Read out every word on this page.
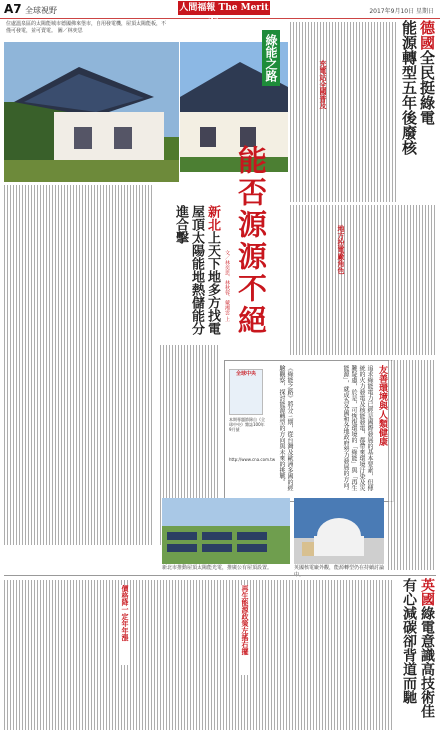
A7 全球視野	人間福報 The Merit Times
2017年9月10日 星期日
位處溫泉區的太陽能城市德國佛來堡市，自用發電機，屋頂太陽能板，不僅可發電，並可賣電。 圖／林奕思
綠能之路
能否源源不絕
文／林奕思、林秋蓉、戴湘雲 上
德國全民挺綠電
能源轉型五年後廢核
充電站全國普及
地方扮電廠角色
新北上天下地多方找電
屋頂太陽能地熱儲能分進合擊
友善環境與人類健康
追求綠能電力已經是國際發展的基本要素，但傳統的火力發電及核能發電，都帶來環境汙染及災難疑慮，於是，可恢復環境的「綠能」與「再生能源」，就成為各國和各地政府努力發展的方向。
《綠能之路》將分三期，從台灣及歐洲多國的經驗觀察，探討能源轉型的方向與未來的挑戰。
全球中央
本期專題節錄自《全球中央》雜誌100年9月號
http://www.cna.com.tw
新北市推動屋頂太陽能光電，推廣公有屋頂設置。	英國核電廠外觀，能源轉型仍在持續討論
英國綠電意識高技術佳
有心減碳卻背道而馳
再生能源政策左搖右擺
價格降一定年年漲
